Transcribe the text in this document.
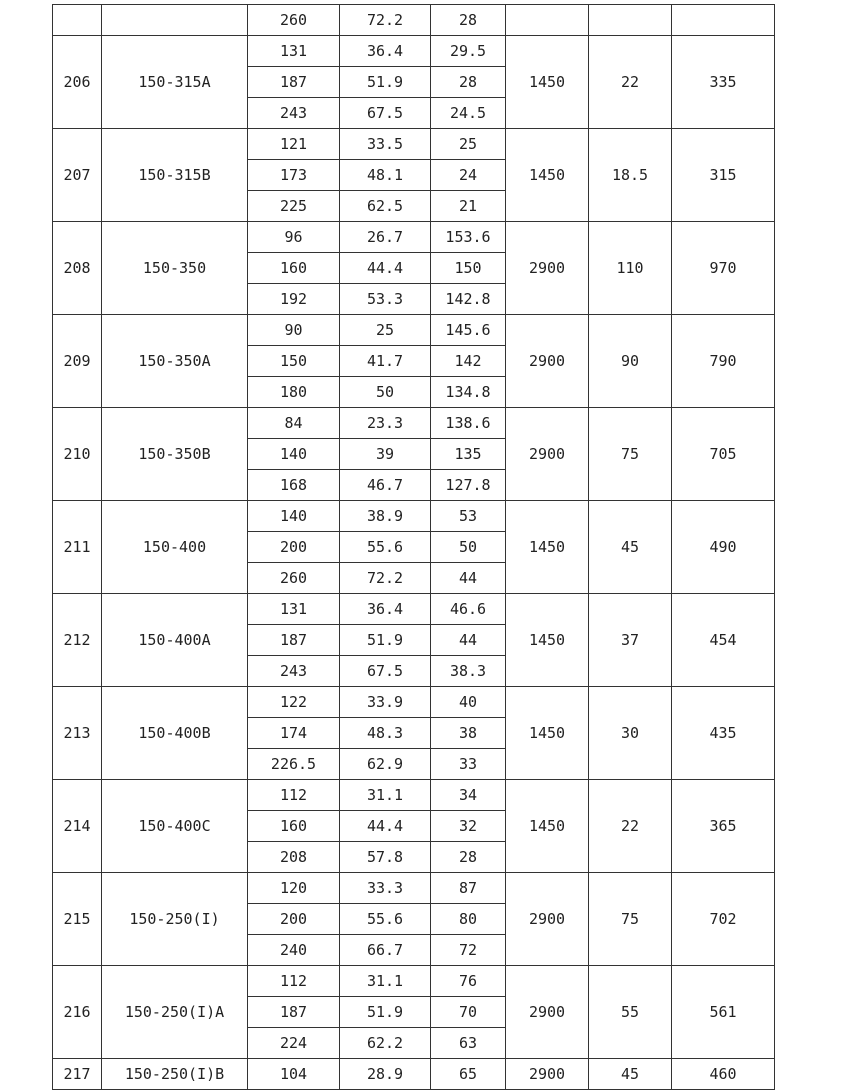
		260	72.2	28			
206	150-315A	131	36.4	29.5	1450	22	335
		187	51.9	28			
		243	67.5	24.5			
207	150-315B	121	33.5	25	1450	18.5	315
		173	48.1	24			
		225	62.5	21			
208	150-350	96	26.7	153.6	2900	110	970
		160	44.4	150			
		192	53.3	142.8			
209	150-350A	90	25	145.6	2900	90	790
		150	41.7	142			
		180	50	134.8			
210	150-350B	84	23.3	138.6	2900	75	705
		140	39	135			
		168	46.7	127.8			
211	150-400	140	38.9	53	1450	45	490
		200	55.6	50			
		260	72.2	44			
212	150-400A	131	36.4	46.6	1450	37	454
		187	51.9	44			
		243	67.5	38.3			
213	150-400B	122	33.9	40	1450	30	435
		174	48.3	38			
		226.5	62.9	33			
214	150-400C	112	31.1	34	1450	22	365
		160	44.4	32			
		208	57.8	28			
215	150-250(I)	120	33.3	87	2900	75	702
		200	55.6	80			
		240	66.7	72			
216	150-250(I)A	112	31.1	76	2900	55	561
		187	51.9	70			
		224	62.2	63			
217	150-250(I)B	104	28.9	65	2900	45	460
